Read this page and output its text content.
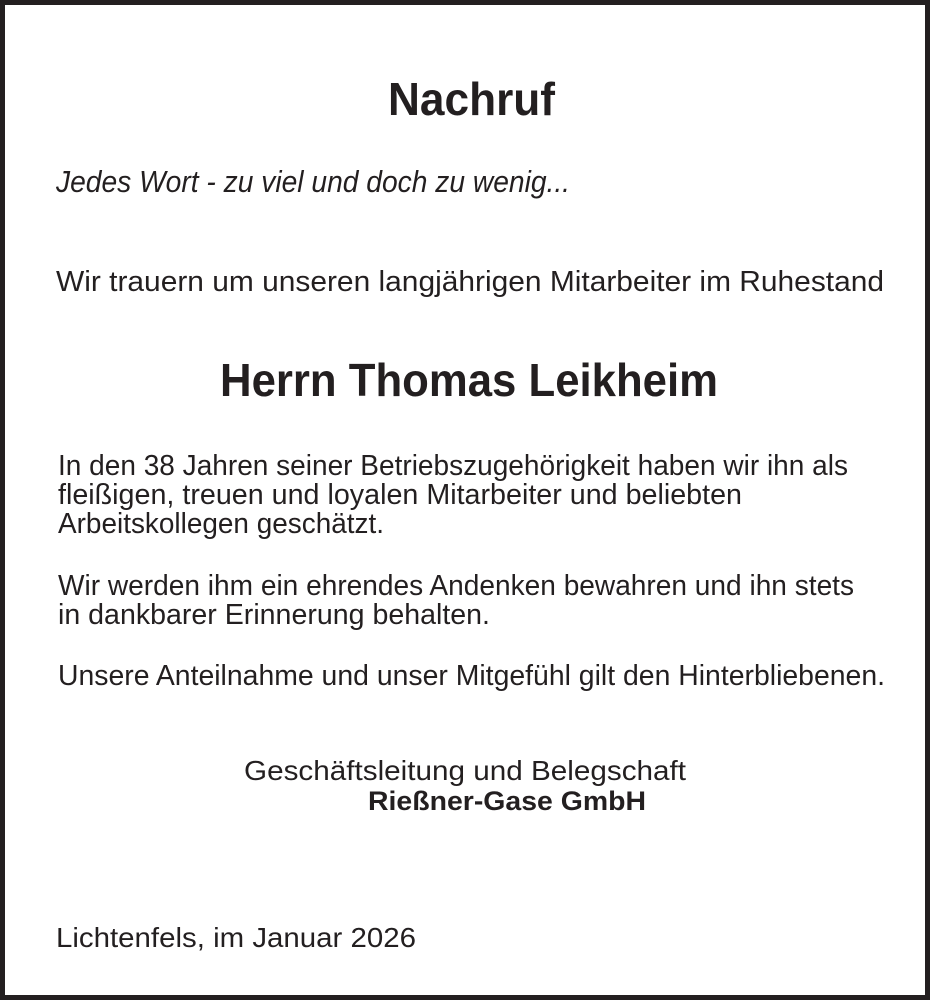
Nachruf
Jedes Wort - zu viel und doch zu wenig...
Wir trauern um unseren langjährigen Mitarbeiter im Ruhestand
Herrn Thomas Leikheim
In den 38 Jahren seiner Betriebszugehörigkeit haben wir ihn als
fleißigen, treuen und loyalen Mitarbeiter und beliebten
Arbeitskollegen geschätzt.
Wir werden ihm ein ehrendes Andenken bewahren und ihn stets
in dankbarer Erinnerung behalten.
Unsere Anteilnahme und unser Mitgefühl gilt den Hinterbliebenen.
Geschäftsleitung und Belegschaft
Rießner-Gase GmbH
Lichtenfels, im Januar 2026
